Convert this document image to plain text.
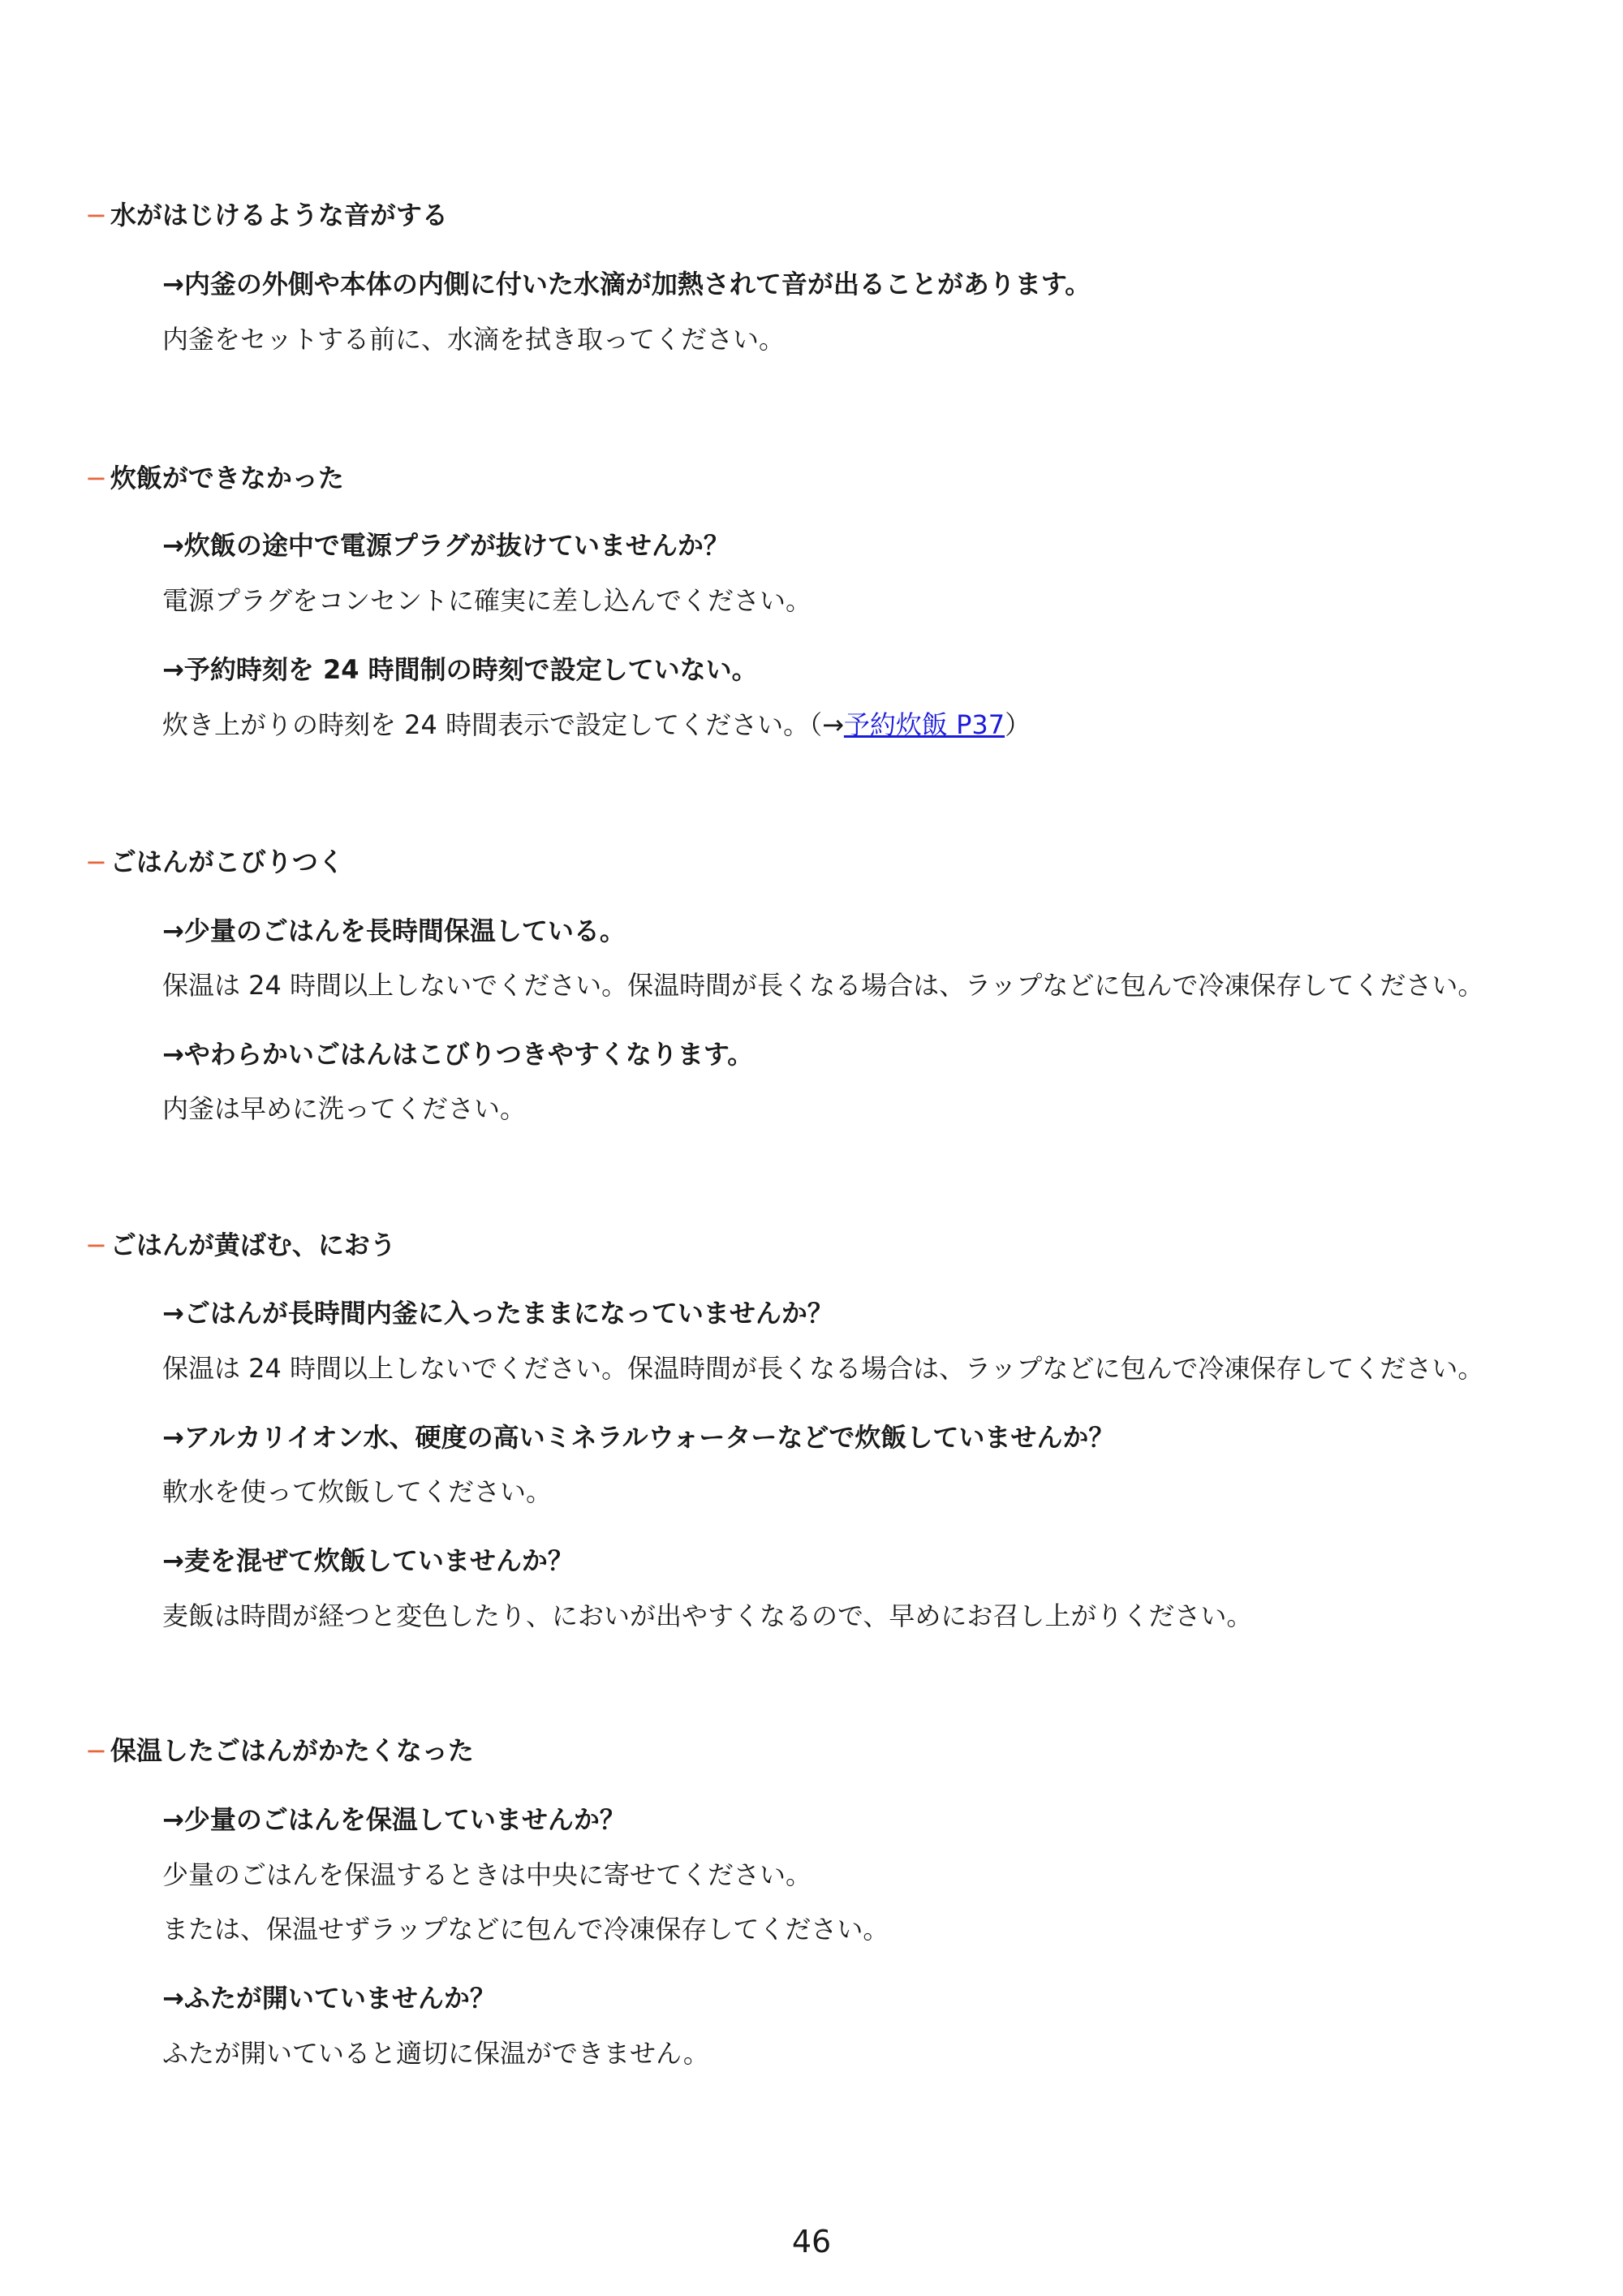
− 水がはじけるような音がする
→内釜の外側や本体の内側に付いた水滴が加熱されて音が出ることがあります。
内釜をセットする前に、水滴を拭き取ってください。
− 炊飯ができなかった
→炊飯の途中で電源プラグが抜けていませんか？
電源プラグをコンセントに確実に差し込んでください。
→予約時刻を 24 時間制の時刻で設定していない。
炊き上がりの時刻を 24 時間表示で設定してください。（→予約炊飯 P37）
− ごはんがこびりつく
→少量のごはんを長時間保温している。
保温は 24 時間以上しないでください。保温時間が長くなる場合は、ラップなどに包んで冷凍保存してください。
→やわらかいごはんはこびりつきやすくなります。
内釜は早めに洗ってください。
− ごはんが黄ばむ、におう
→ごはんが長時間内釜に入ったままになっていませんか？
保温は 24 時間以上しないでください。保温時間が長くなる場合は、ラップなどに包んで冷凍保存してください。
→アルカリイオン水、硬度の高いミネラルウォーターなどで炊飯していませんか？
軟水を使って炊飯してください。
→麦を混ぜて炊飯していませんか？
麦飯は時間が経つと変色したり、においが出やすくなるので、早めにお召し上がりください。
− 保温したごはんがかたくなった
→少量のごはんを保温していませんか？
少量のごはんを保温するときは中央に寄せてください。
または、保温せずラップなどに包んで冷凍保存してください。
→ふたが開いていませんか？
ふたが開いていると適切に保温ができません。
46
